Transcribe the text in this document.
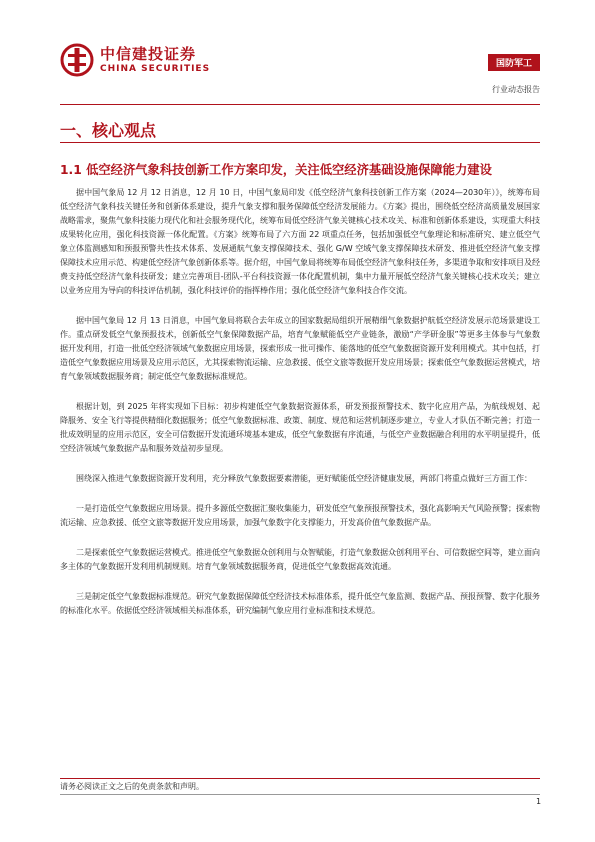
中信建投证券
CHINA SECURITIES	国防军工
行业动态报告
一、核心观点
1.1 低空经济气象科技创新工作方案印发，关注低空经济基础设施保障能力建设

据中国气象局 12 月 12 日消息，12 月 10 日，中国气象局印发《低空经济气象科技创新工作方案（2024—2030年）》，统筹布局低空经济气象科技关键任务和创新体系建设，提升气象支撑和服务保障低空经济发展能力。《方案》提出，围绕低空经济高质量发展国家战略需求，聚焦气象科技能力现代化和社会服务现代化，统筹布局低空经济气象关键核心技术攻关、标准和创新体系建设，实现重大科技成果转化应用，强化科技资源一体化配置。《方案》统筹布局了六方面 22 项重点任务，包括加强低空气象理论和标准研究、建立低空气象立体监测感知和预报预警共性技术体系、发展通航气象支撑保障技术、强化 G/W 空域气象支撑保障技术研发、推进低空经济气象支撑保障技术应用示范、构建低空经济气象创新体系等。据介绍，中国气象局将统筹布局低空经济气象科技任务，多渠道争取和安排项目及经费支持低空经济气象科技研发；建立完善项目-团队-平台科技资源一体化配置机制，集中力量开展低空经济气象关键核心技术攻关；建立以业务应用为导向的科技评估机制，强化科技评价的指挥棒作用；强化低空经济气象科技合作交流。

据中国气象局 12 月 13 日消息，中国气象局将联合去年成立的国家数据局组织开展精细气象数据护航低空经济发展示范场景建设工作。重点研发低空气象预报技术，创新低空气象保障数据产品，培育气象赋能低空产业链条，激励“产学研金服”等更多主体参与气象数据开发利用，打造一批低空经济领域气象数据应用场景，探索形成一批可操作、能落地的低空气象数据资源开发利用模式。其中包括，打造低空气象数据应用场景及应用示范区，尤其探索物流运输、应急救援、低空文旅等数据开发应用场景；探索低空气象数据运营模式，培育气象领域数据服务商；制定低空气象数据标准规范。

根据计划，到 2025 年将实现如下目标：初步构建低空气象数据资源体系，研发预报预警技术、数字化应用产品，为航线规划、起降服务、安全飞行等提供精细化数据服务；低空气象数据标准、政策、制度、规范和运营机制逐步建立，专业人才队伍不断完善；打造一批成效明显的应用示范区，安全可信数据开发流通环境基本建成，低空气象数据有序流通，与低空产业数据融合利用的水平明显提升，低空经济领域气象数据产品和服务效益初步显现。

围绕深入推进气象数据资源开发利用，充分释放气象数据要素潜能，更好赋能低空经济健康发展，两部门将重点做好三方面工作：

一是打造低空气象数据应用场景。提升多源低空数据汇聚收集能力，研发低空气象预报预警技术，强化高影响天气风险预警；探索物流运输、应急救援、低空文旅等数据开发应用场景，加强气象数字化支撑能力，开发高价值气象数据产品。

二是探索低空气象数据运营模式。推进低空气象数据众创利用与众智赋能，打造气象数据众创利用平台、可信数据空间等，建立面向多主体的气象数据开发利用机制规则。培育气象领域数据服务商，促进低空气象数据高效流通。

三是制定低空气象数据标准规范。研究气象数据保障低空经济技术标准体系，提升低空气象监测、数据产品、预报预警、数字化服务的标准化水平。依据低空经济领域相关标准体系，研究编制气象应用行业标准和技术规范。

请务必阅读正文之后的免责条款和声明。
1
